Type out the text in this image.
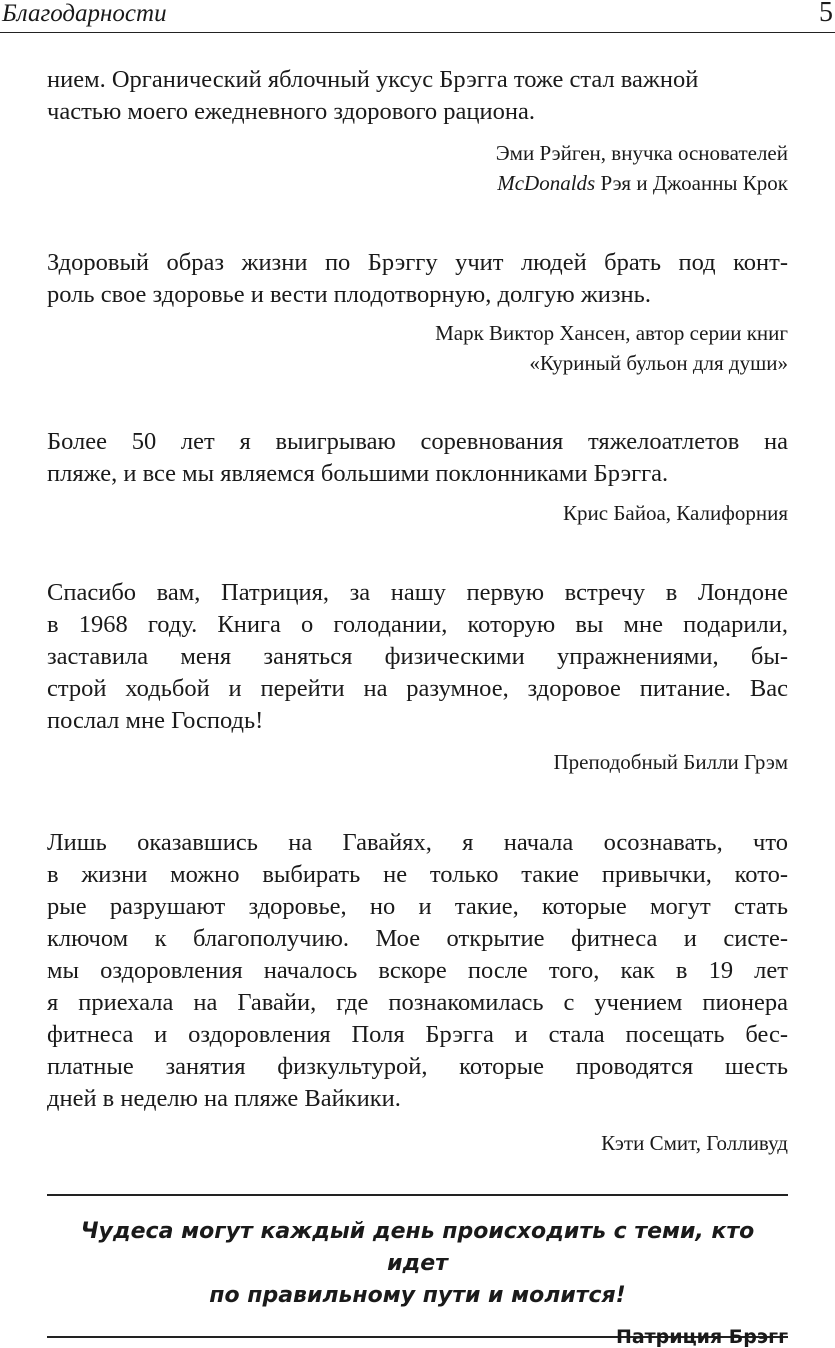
Благодарности	5

нием. Органический яблочный уксус Брэгга тоже стал важной
частью моего ежедневного здорового рациона.

Эми Рэйген, внучка основателей
McDonalds Рэя и Джоанны Крок

Здоровый образ жизни по Брэггу учит людей брать под конт-
роль свое здоровье и вести плодотворную, долгую жизнь.

Марк Виктор Хансен, автор серии книг
«Куриный бульон для души»

Более 50 лет я выигрываю соревнования тяжелоатлетов на
пляже, и все мы являемся большими поклонниками Брэгга.

Крис Байоа, Калифорния

Спасибо вам, Патриция, за нашу первую встречу в Лондоне
в 1968 году. Книга о голодании, которую вы мне подарили,
заставила меня заняться физическими упражнениями, бы-
строй ходьбой и перейти на разумное, здоровое питание. Вас
послал мне Господь!

Преподобный Билли Грэм

Лишь оказавшись на Гавайях, я начала осознавать, что
в жизни можно выбирать не только такие привычки, кото-
рые разрушают здоровье, но и такие, которые могут стать
ключом к благополучию. Мое открытие фитнеса и систе-
мы оздоровления началось вскоре после того, как в 19 лет
я приехала на Гавайи, где познакомилась с учением пионера
фитнеса и оздоровления Поля Брэгга и стала посещать бес-
платные занятия физкультурой, которые проводятся шесть
дней в неделю на пляже Вайкики.

Кэти Смит, Голливуд
Чудеса могут каждый день происходить с теми, кто идет
по правильному пути и молится!
Патриция Брэгг
